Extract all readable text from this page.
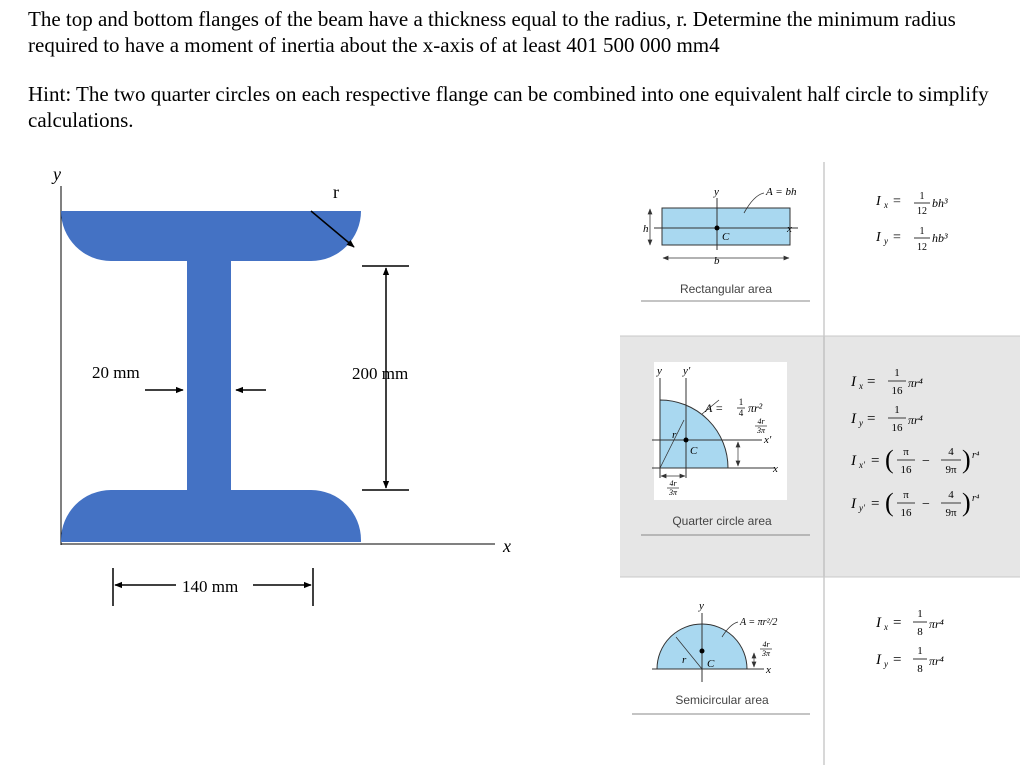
The top and bottom flanges of the beam have a thickness equal to the radius, r. Determine the minimum radius required to have a moment of inertia about the x-axis of at least 401 500 000 mm4
Hint: The two quarter circles on each respective flange can be combined into one equivalent half circle to simplify calculations.
y
x
r
20 mm	200 mm
140 mm
y
x
C
h
b
A = bh
Rectangular area
I x = 1
12
bh³
I y = 1
12
hb³
y y′
x
x′
C
r
A = 1
4 πr²
4r
3π
4r
3π
Quarter circle area
I x =
1
16
πr⁴
I y =
1
16
πr⁴
I x′ = ( π
16
−
4
9π ) r⁴
I y′ = ( π
16
−
4
9π ) r⁴
y
x
C
r
A = πr²/2
4r
3π
Semicircular area
I x =
1
8
πr⁴
I y =
1
8
πr⁴
